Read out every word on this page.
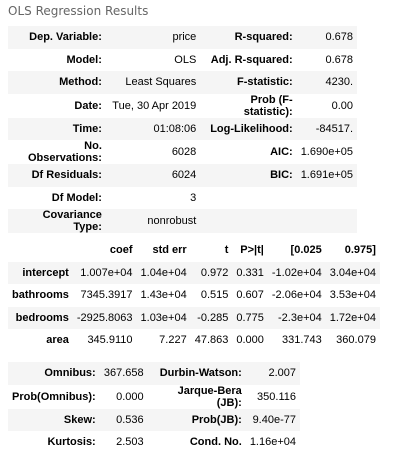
OLS Regression Results
Dep. Variable:	price	R-squared:	0.678
Model:	OLS	Adj. R-squared:	0.678
Method:	Least Squares	F-statistic:	4230.
Date:	Tue, 30 Apr 2019	Prob (F-statistic):	0.00
Time:	01:08:06	Log-Likelihood:	-84517.
No. Observations:	6028	AIC:	1.690e+05
Df Residuals:	6024	BIC:	1.691e+05
Df Model:	3		
Covariance Type:	nonrobust		
	coef	std err	t	P>|t|	[0.025	0.975]
intercept	1.007e+04	1.04e+04	0.972	0.331	-1.02e+04	3.04e+04
bathrooms	7345.3917	1.43e+04	0.515	0.607	-2.06e+04	3.53e+04
bedrooms	-2925.8063	1.03e+04	-0.285	0.775	-2.3e+04	1.72e+04
area	345.9110	7.227	47.863	0.000	331.743	360.079
Omnibus:	367.658	Durbin-Watson:	2.007
Prob(Omnibus):	0.000	Jarque-Bera (JB):	350.116
Skew:	0.536	Prob(JB):	9.40e-77
Kurtosis:	2.503	Cond. No.	1.16e+04
